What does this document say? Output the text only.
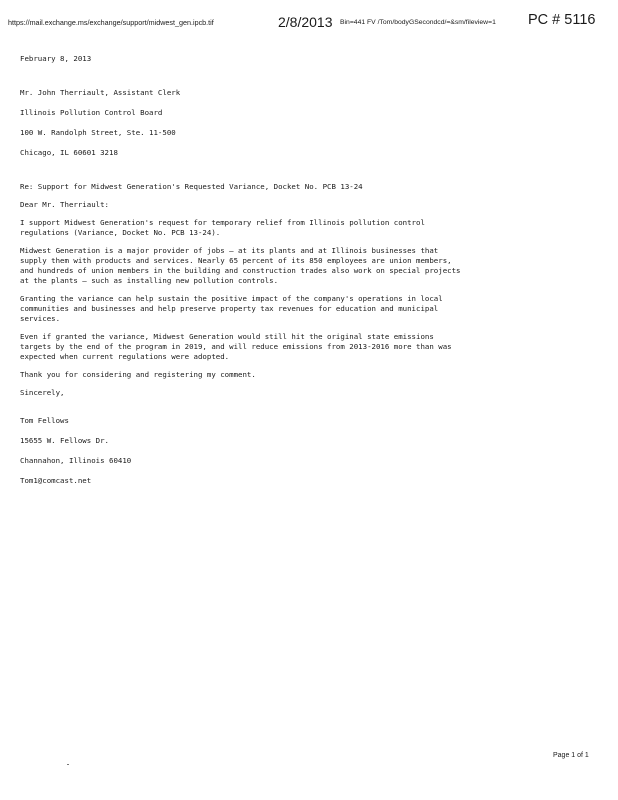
https://mail.exchange.ms/exchange/support/midwest_gen.ipcb.tif	2/8/2013 Bin=441 FV /Tom/bodyGSecondcd/=&sm/fileview=1	PC # 5116

February 8, 2013

Mr. John Therriault, Assistant Clerk

Illinois Pollution Control Board

100 W. Randolph Street, Ste. 11-500

Chicago, IL 60601 3218

Re: Support for Midwest Generation's Requested Variance, Docket No. PCB 13-24

Dear Mr. Therriault:

I support Midwest Generation's request for temporary relief from Illinois pollution control
regulations (Variance, Docket No. PCB 13-24).

Midwest Generation is a major provider of jobs — at its plants and at Illinois businesses that
supply them with products and services. Nearly 65 percent of its 850 employees are union members,
and hundreds of union members in the building and construction trades also work on special projects
at the plants — such as installing new pollution controls.

Granting the variance can help sustain the positive impact of the company's operations in local
communities and businesses and help preserve property tax revenues for education and municipal
services.

Even if granted the variance, Midwest Generation would still hit the original state emissions
targets by the end of the program in 2019, and will reduce emissions from 2013-2016 more than was
expected when current regulations were adopted.

Thank you for considering and registering my comment.

Sincerely,

Tom Fellows

15655 W. Fellows Dr.

Channahon, Illinois 60410

Tom1@comcast.net

Page 1 of 1
